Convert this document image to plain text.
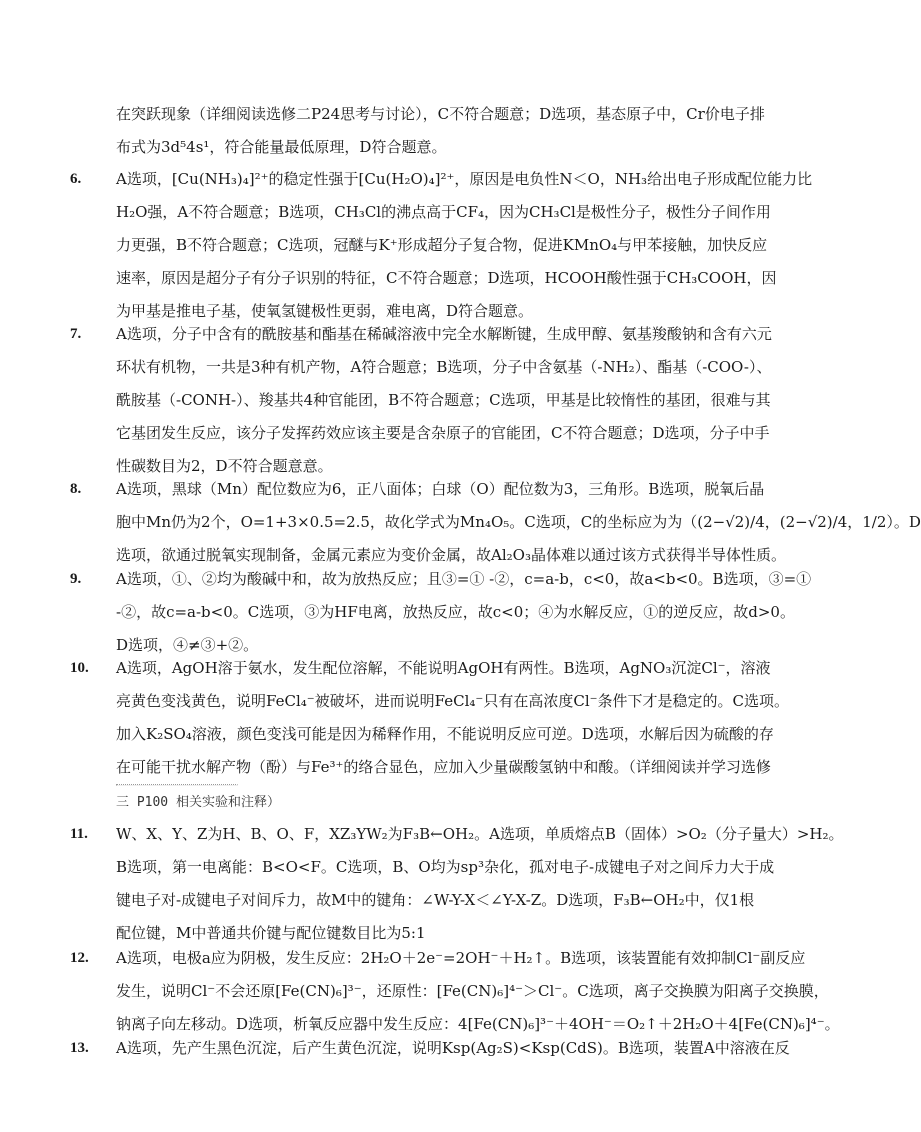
在突跃现象（详细阅读选修二P24思考与讨论），C不符合题意；D选项，基态原子中，Cr价电子排
布式为3d⁵4s¹，符合能量最低原理，D符合题意。
6. A选项，[Cu(NH₃)₄]²⁺的稳定性强于[Cu(H₂O)₄]²⁺，原因是电负性N＜O，NH₃给出电子形成配位能力比
H₂O强，A不符合题意；B选项，CH₃Cl的沸点高于CF₄，因为CH₃Cl是极性分子，极性分子间作用
力更强，B不符合题意；C选项，冠醚与K⁺形成超分子复合物，促进KMnO₄与甲苯接触，加快反应
速率，原因是超分子有分子识别的特征，C不符合题意；D选项，HCOOH酸性强于CH₃COOH，因
为甲基是推电子基，使氧氢键极性更弱，难电离，D符合题意。
7. A选项，分子中含有的酰胺基和酯基在稀碱溶液中完全水解断键，生成甲醇、氨基羧酸钠和含有六元
环状有机物，一共是3种有机产物，A符合题意；B选项，分子中含氨基（-NH₂）、酯基（-COO-）、
酰胺基（-CONH-）、羧基共4种官能团，B不符合题意；C选项，甲基是比较惰性的基团，很难与其
它基团发生反应，该分子发挥药效应该主要是含杂原子的官能团，C不符合题意；D选项，分子中手
性碳数目为2，D不符合题意意。
8. A选项，黑球（Mn）配位数应为6，正八面体；白球（O）配位数为3，三角形。B选项，脱氧后晶
胞中Mn仍为2个，O=1+3×0.5=2.5，故化学式为Mn₄O₅。C选项，C的坐标应为为（(2−√2)/4，(2−√2)/4，1/2）。D
选项，欲通过脱氧实现制备，金属元素应为变价金属，故Al₂O₃晶体难以通过该方式获得半导体性质。
9. A选项，①、②均为酸碱中和，故为放热反应；且③=① -②，c=a-b，c<0，故a<b<0。B选项，③=①
-②，故c=a-b<0。C选项，③为HF电离，放热反应，故c<0；④为水解反应，①的逆反应，故d>0。
D选项，④≠③+②。
10. A选项，AgOH溶于氨水，发生配位溶解，不能说明AgOH有两性。B选项，AgNO₃沉淀Cl⁻，溶液
亮黄色变浅黄色，说明FeCl₄⁻被破坏，进而说明FeCl₄⁻只有在高浓度Cl⁻条件下才是稳定的。C选项。
加入K₂SO₄溶液，颜色变浅可能是因为稀释作用，不能说明反应可逆。D选项，水解后因为硫酸的存
在可能干扰水解产物（酚）与Fe³⁺的络合显色，应加入少量碳酸氢钠中和酸。（详细阅读并学习选修
三 P100 相关实验和注释）
11. W、X、Y、Z为H、B、O、F，XZ₃YW₂为F₃B←OH₂。A选项，单质熔点B（固体）>O₂（分子量大）>H₂。
B选项，第一电离能：B<O<F。C选项，B、O均为sp³杂化，孤对电子-成键电子对之间斥力大于成
键电子对-成键电子对间斥力，故M中的键角：∠W-Y-X＜∠Y-X-Z。D选项，F₃B←OH₂中，仅1根
配位键，M中普通共价键与配位键数目比为5:1
12. A选项，电极a应为阴极，发生反应：2H₂O＋2e⁻=2OH⁻＋H₂↑。B选项，该装置能有效抑制Cl⁻副反应
发生，说明Cl⁻不会还原[Fe(CN)₆]³⁻，还原性：[Fe(CN)₆]⁴⁻＞Cl⁻。C选项，离子交换膜为阳离子交换膜，
钠离子向左移动。D选项，析氧反应器中发生反应：4[Fe(CN)₆]³⁻＋4OH⁻＝O₂↑＋2H₂O＋4[Fe(CN)₆]⁴⁻。
13. A选项，先产生黑色沉淀，后产生黄色沉淀，说明Ksp(Ag₂S)<Ksp(CdS)。B选项，装置A中溶液在反
